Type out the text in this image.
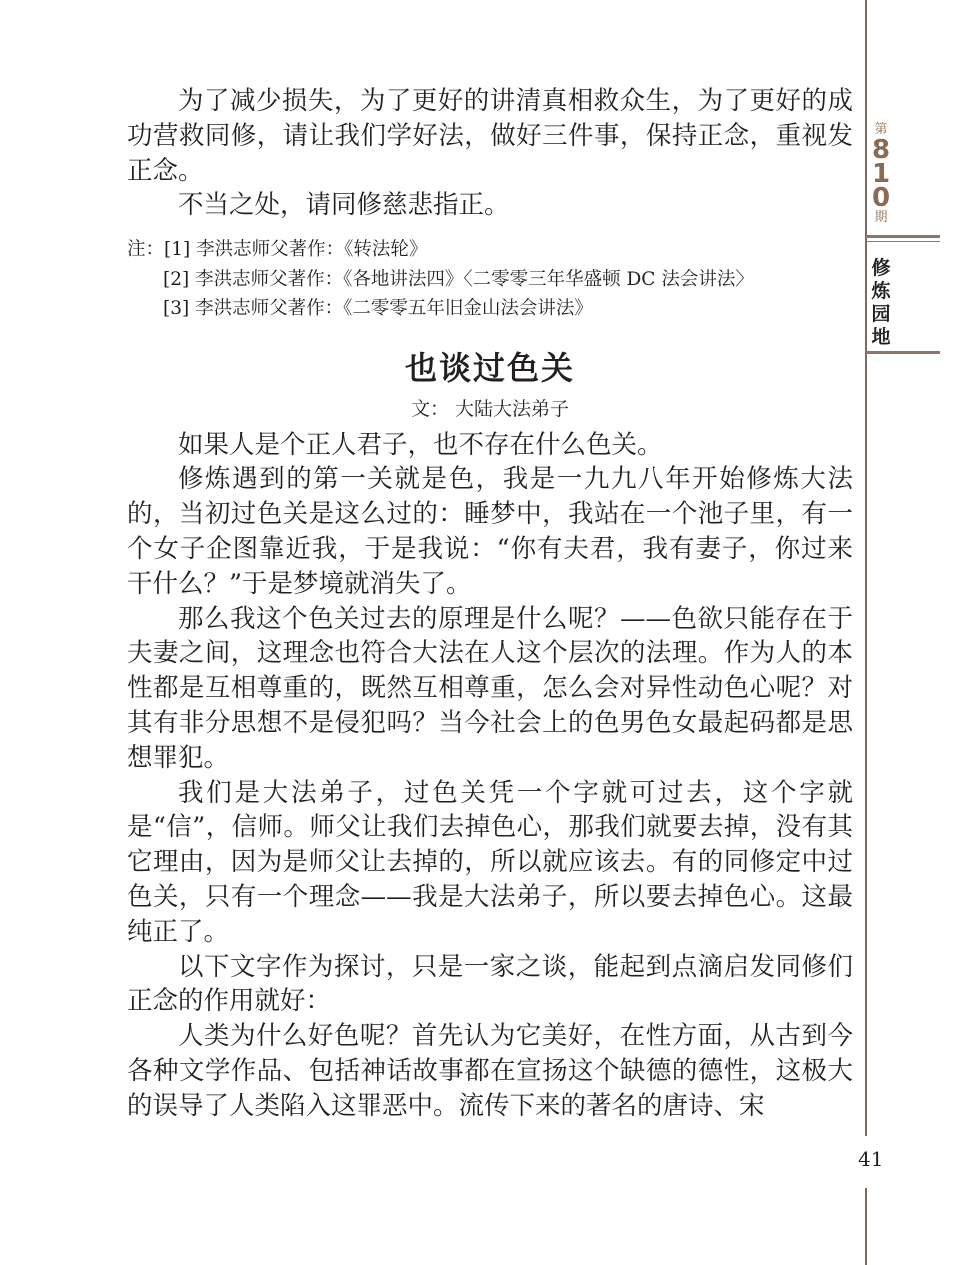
第
8
1
0
期
修
炼
园
地

为了减少损失，为了更好的讲清真相救众生，为了更好的成功营救同修，请让我们学好法，做好三件事，保持正念，重视发正念。

不当之处，请同修慈悲指正。

注：[1] 李洪志师父著作：《转法轮》
[2] 李洪志师父著作：《各地讲法四》〈二零零三年华盛顿 DC 法会讲法〉
[3] 李洪志师父著作：《二零零五年旧金山法会讲法》
也谈过色关
文： 大陆大法弟子

如果人是个正人君子，也不存在什么色关。

修炼遇到的第一关就是色，我是一九九八年开始修炼大法的，当初过色关是这么过的：睡梦中，我站在一个池子里，有一个女子企图靠近我，于是我说：“你有夫君，我有妻子，你过来干什么？”于是梦境就消失了。

那么我这个色关过去的原理是什么呢？——色欲只能存在于夫妻之间，这理念也符合大法在人这个层次的法理。作为人的本性都是互相尊重的，既然互相尊重，怎么会对异性动色心呢？对其有非分思想不是侵犯吗？当今社会上的色男色女最起码都是思想罪犯。

我们是大法弟子，过色关凭一个字就可过去，这个字就是“信”，信师。师父让我们去掉色心，那我们就要去掉，没有其它理由，因为是师父让去掉的，所以就应该去。有的同修定中过色关，只有一个理念——我是大法弟子，所以要去掉色心。这最纯正了。

以下文字作为探讨，只是一家之谈，能起到点滴启发同修们正念的作用就好：

人类为什么好色呢？首先认为它美好，在性方面，从古到今各种文学作品、包括神话故事都在宣扬这个缺德的德性，这极大的误导了人类陷入这罪恶中。流传下来的著名的唐诗、宋

41
